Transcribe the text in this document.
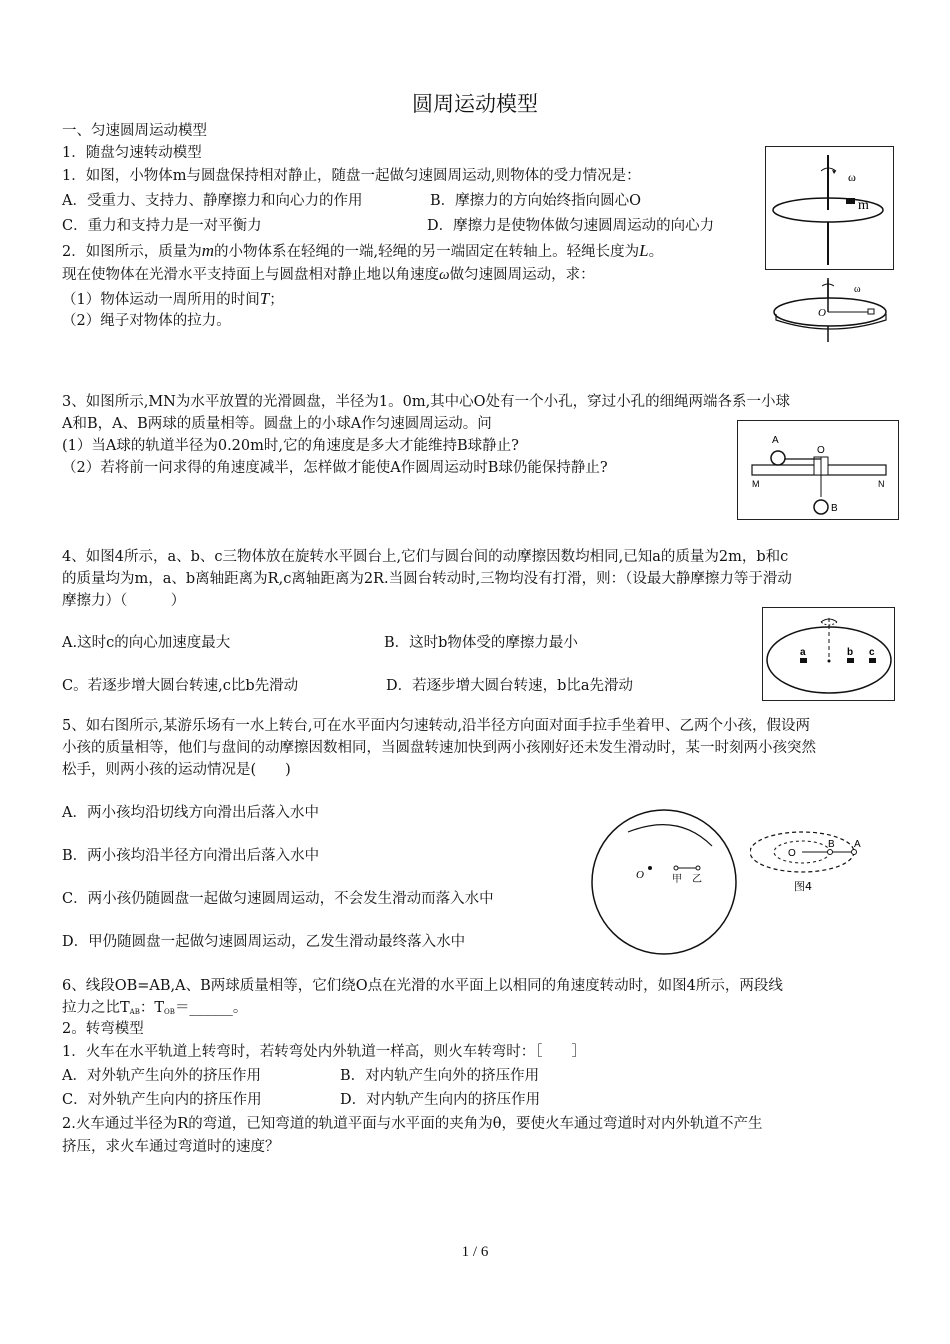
圆周运动模型
一、匀速圆周运动模型
1．随盘匀速转动模型
1．如图，小物体m与圆盘保持相对静止，随盘一起做匀速圆周运动,则物体的受力情况是：
A．受重力、支持力、静摩擦力和向心力的作用	B．摩擦力的方向始终指向圆心O
C．重力和支持力是一对平衡力	D．摩擦力是使物体做匀速圆周运动的向心力
ω
m
2．如图所示，质量为m的小物体系在轻绳的一端,轻绳的另一端固定在转轴上。轻绳长度为L。
现在使物体在光滑水平支持面上与圆盘相对静止地以角速度ω做匀速圆周运动，求：
（1）物体运动一周所用的时间T；
（2）绳子对物体的拉力。	O
ω
3、如图所示,MN为水平放置的光滑圆盘，半径为1。0m,其中心O处有一个小孔，穿过小孔的细绳两端各系一小球
A和B，A、B两球的质量相等。圆盘上的小球A作匀速圆周运动。问
(1）当A球的轨道半径为0.20m时,它的角速度是多大才能维持B球静止?
（2）若将前一问求得的角速度减半，怎样做才能使A作圆周运动时B球仍能保持静止?
A
O
M	N
B
4、如图4所示，a、b、c三物体放在旋转水平圆台上,它们与圆台间的动摩擦因数均相同,已知a的质量为2m，b和c
的质量均为m，a、b离轴距离为R,c离轴距离为2R.当圆台转动时,三物均没有打滑，则：（设最大静摩擦力等于滑动
摩擦力）（　　　）
A.这时c的向心加速度最大	B．这时b物体受的摩擦力最小
C。若逐步增大圆台转速,c比b先滑动	D．若逐步增大圆台转速，b比a先滑动
a	b c
5、如右图所示,某游乐场有一水上转台,可在水平面内匀速转动,沿半径方向面对面手拉手坐着甲、乙两个小孩，假设两
小孩的质量相等，他们与盘间的动摩擦因数相同，当圆盘转速加快到两小孩刚好还未发生滑动时，某一时刻两小孩突然
松手，则两小孩的运动情况是(　　)
A．两小孩均沿切线方向滑出后落入水中
B．两小孩均沿半径方向滑出后落入水中
C．两小孩仍随圆盘一起做匀速圆周运动，不会发生滑动而落入水中
D．甲仍随圆盘一起做匀速圆周运动，乙发生滑动最终落入水中
O	甲 乙
O
B A
图4
6、线段OB=AB,A、B两球质量相等，它们绕O点在光滑的水平面上以相同的角速度转动时，如图4所示，两段线
拉力之比$T_{AB}$：$T_{OB}=\_\_\_\_\_\_$。
2。转弯模型
1．火车在水平轨道上转弯时，若转弯处内外轨道一样高，则火车转弯时：［　　］
A．对外轨产生向外的挤压作用	B．对内轨产生向外的挤压作用
C．对外轨产生向内的挤压作用	D．对内轨产生向内的挤压作用
2.火车通过半径为R的弯道，已知弯道的轨道平面与水平面的夹角为θ，要使火车通过弯道时对内外轨道不产生
挤压，求火车通过弯道时的速度？
1 / 6
